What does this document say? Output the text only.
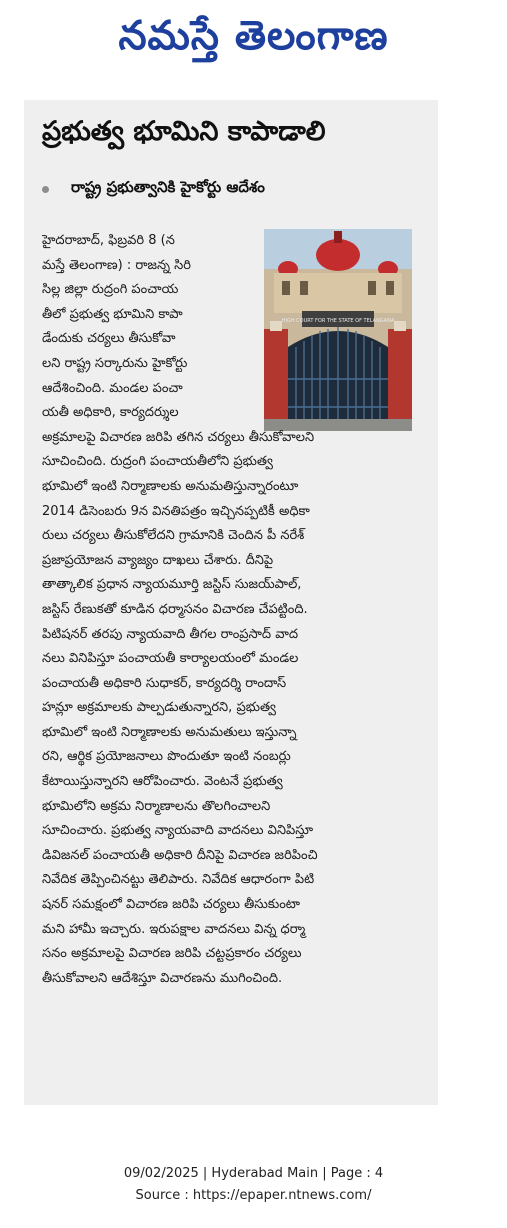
నమస్తే తెలంగాణ
ప్రభుత్వ భూమిని కాపాడాలి
రాష్ట్ర ప్రభుత్వానికి హైకోర్టు ఆదేశం
HIGH COURT FOR THE STATE OF TELANGANA
హైదరాబాద్, ఫిబ్రవరి 8 (న
మస్తే తెలంగాణ) : రాజన్న సిరి
సిల్ల జిల్లా రుద్రంగి పంచాయ
తీలో ప్రభుత్వ భూమిని కాపా
డేందుకు చర్యలు తీసుకోవా
లని రాష్ట్ర సర్కారును హైకోర్టు
ఆదేశించింది. మండల పంచా
యతీ అధికారి, కార్యదర్శుల
అక్రమాలపై విచారణ జరిపి తగిన చర్యలు తీసుకోవాలని
సూచించింది. రుద్రంగి పంచాయతీలోని ప్రభుత్వ
భూమిలో ఇంటి నిర్మాణాలకు అనుమతిస్తున్నారంటూ
2014 డిసెంబరు 9న వినతిపత్రం ఇచ్చినప్పటికీ అధికా
రులు చర్యలు తీసుకోలేదని గ్రామానికి చెందిన పీ నరేశ్
ప్రజాప్రయోజన వ్యాజ్యం దాఖలు చేశారు. దీనిపై
తాత్కాలిక ప్రధాన న్యాయమూర్తి జస్టిస్ సుజయ్‌పాల్,
జస్టిస్ రేణుకతో కూడిన ధర్మాసనం విచారణ చేపట్టింది.
పిటిషనర్ తరపు న్యాయవాది తీగల రాంప్రసాద్ వాద
నలు వినిపిస్తూ పంచాయతీ కార్యాలయంలో మండల
పంచాయతీ అధికారి సుధాకర్, కార్యదర్శి రాందాస్
హన్లూ అక్రమాలకు పాల్పడుతున్నారని, ప్రభుత్వ
భూమిలో ఇంటి నిర్మాణాలకు అనుమతులు ఇస్తున్నా
రని, ఆర్థిక ప్రయోజనాలు పొందుతూ ఇంటి నంబర్లు
కేటాయిస్తున్నారని ఆరోపించారు. వెంటనే ప్రభుత్వ
భూమిలోని అక్రమ నిర్మాణాలను తొలగించాలని
సూచించారు. ప్రభుత్వ న్యాయవాది వాదనలు వినిపిస్తూ
డివిజనల్ పంచాయతీ అధికారి దీనిపై విచారణ జరిపించి
నివేదిక తెప్పించినట్టు తెలిపారు. నివేదిక ఆధారంగా పిటి
షనర్ సమక్షంలో విచారణ జరిపి చర్యలు తీసుకుంటా
మని హామీ ఇచ్చారు. ఇరుపక్షాల వాదనలు విన్న ధర్మా
సనం అక్రమాలపై విచారణ జరిపి చట్టప్రకారం చర్యలు
తీసుకోవాలని ఆదేశిస్తూ విచారణను ముగించింది.
09/02/2025 | Hyderabad Main | Page : 4
Source : https://epaper.ntnews.com/
